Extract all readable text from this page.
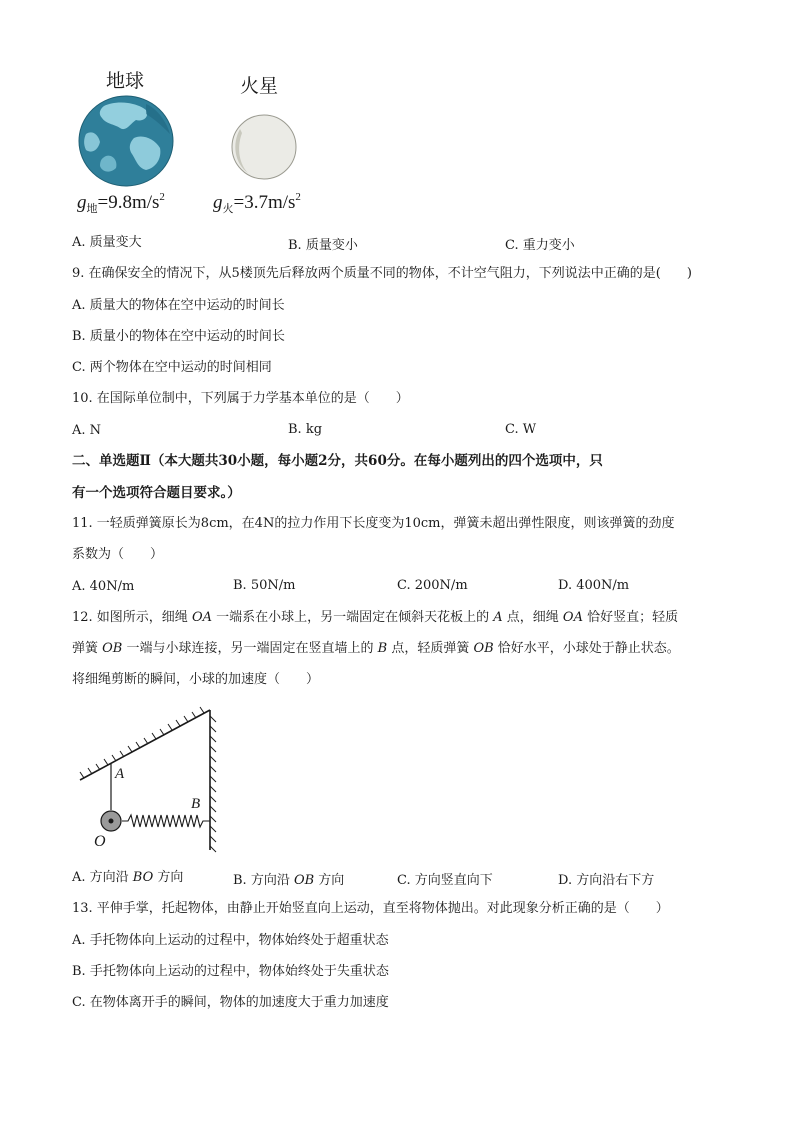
地球	火星
$g_地=9.8m/s^2$	$g_火=3.7m/s^2$
A. 质量变大	B. 质量变小	C. 重力变小
9. 在确保安全的情况下，从5楼顶先后释放两个质量不同的物体，不计空气阻力，下列说法中正确的是(　　)
A. 质量大的物体在空中运动的时间长
B. 质量小的物体在空中运动的时间长
C. 两个物体在空中运动的时间相同
10. 在国际单位制中，下列属于力学基本单位的是（　　）
A. N	B. kg	C. W
二、单选题Ⅱ（本大题共30小题，每小题2分，共60分。在每小题列出的四个选项中，只
有一个选项符合题目要求。）
11. 一轻质弹簧原长为8cm，在4N的拉力作用下长度变为10cm，弹簧未超出弹性限度，则该弹簧的劲度
系数为（　　）
A. 40N/m	B. 50N/m	C. 200N/m	D. 400N/m
12. 如图所示，细绳 OA 一端系在小球上，另一端固定在倾斜天花板上的 A 点，细绳 OA 恰好竖直；轻质
弹簧 OB 一端与小球连接，另一端固定在竖直墙上的 B 点，轻质弹簧 OB 恰好水平，小球处于静止状态。
将细绳剪断的瞬间，小球的加速度（　　）
A
B
O
A. 方向沿 BO 方向	B. 方向沿 OB 方向	C. 方向竖直向下	D. 方向沿右下方
13. 平伸手掌，托起物体，由静止开始竖直向上运动，直至将物体抛出。对此现象分析正确的是（　　）
A. 手托物体向上运动的过程中，物体始终处于超重状态
B. 手托物体向上运动的过程中，物体始终处于失重状态
C. 在物体离开手的瞬间，物体的加速度大于重力加速度
